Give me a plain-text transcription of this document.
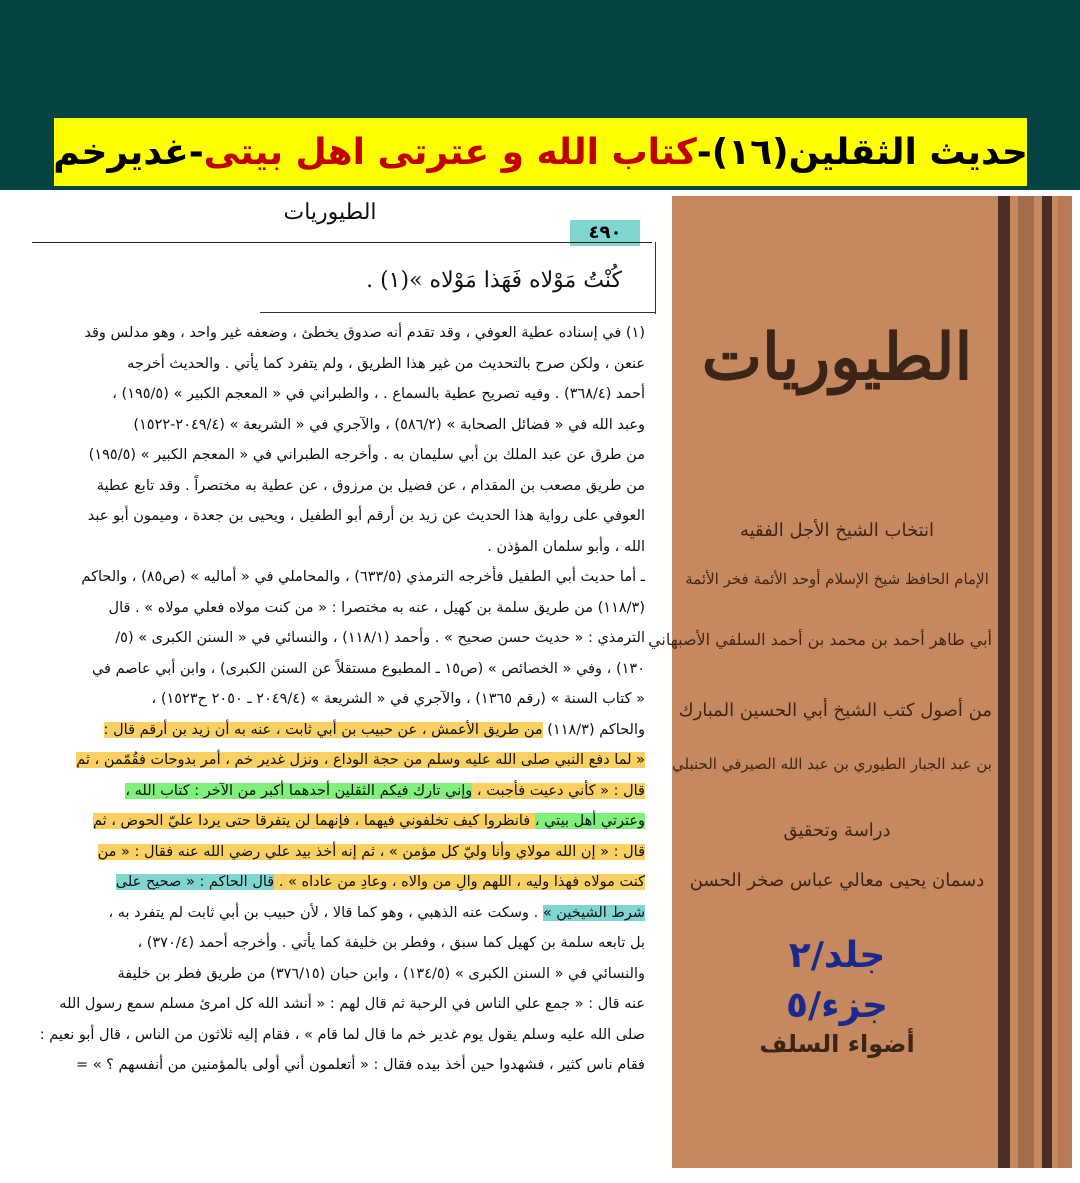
حديث الثقلين(١٦)-
كتاب الله و عترتی اهل بیتی
-غدیرخم
الطيوريات
٤٩٠
كُنْتُ مَوْلاه فَهَذا مَوْلاه »(١) .
(١) في إسناده عطية العوفي ، وقد تقدم أنه صدوق يخطئ ، وضعفه غير واحد ، وهو مدلس وقد
عنعن ، ولكن صرح بالتحديث من غير هذا الطريق ، ولم يتفرد كما يأتي . والحديث أخرجه
أحمد (٣٦٨/٤) . وفيه تصريح عطية بالسماع . ، والطبراني في « المعجم الكبير » (١٩٥/٥) ،
وعبد الله في « فضائل الصحابة » (٥٨٦/٢) ، والآجري في « الشريعة » (٢٠٤٩/٤-١٥٢٢)
من طرق عن عبد الملك بن أبي سليمان به . وأخرجه الطبراني في « المعجم الكبير » (١٩٥/٥)
من طريق مصعب بن المقدام ، عن فضيل بن مرزوق ، عن عطية به مختصراً . وقد تابع عطية
العوفي على رواية هذا الحديث عن زيد بن أرقم أبو الطفيل ، ويحيى بن جعدة ، وميمون أبو عبد
الله ، وأبو سلمان المؤذن .
ـ أما حديث أبي الطفيل فأخرجه الترمذي (٦٣٣/٥) ، والمحاملي في « أماليه » (ص٨٥) ، والحاكم
(١١٨/٣) من طريق سلمة بن كهيل ، عنه به مختصرا : « من كنت مولاه فعلي مولاه » . قال
الترمذي : « حديث حسن صحيح » . وأحمد (١١٨/١) ، والنسائي في « السنن الكبرى » (٥/
١٣٠) ، وفي « الخصائص » (ص١٥ ـ المطبوع مستقلاً عن السنن الكبرى) ، وابن أبي عاصم في
« كتاب السنة » (رقم ١٣٦٥) ، والآجري في « الشريعة » (٢٠٤٩/٤ ـ ٢٠٥٠ ح١٥٢٣) ،
والحاكم (١١٨/٣) من طريق الأعمش ، عن حبيب بن أبي ثابت ، عنه به أن زيد بن أرقم قال :
« لما دفع النبي صلى الله عليه وسلم من حجة الوداع ، ونزل غدير خم ، أمر بدوحات فقُمّمن ، ثم
قال : « كأني دعيت فأجبت ، وإني تارك فيكم الثقلين أحدهما أكبر من الآخر : كتاب الله ،
وعترتي أهل بيتي ، فانظروا كيف تخلفوني فيهما ، فإنهما لن يتفرقا حتى يردا عليّ الحوض ، ثم
قال : « إن الله مولاي وأنا وليّ كل مؤمن » ، ثم إنه أخذ بيد علي رضي الله عنه فقال : « من
كنت مولاه فهذا وليه ، اللهم والِ من والاه ، وعادِ من عاداه » . قال الحاكم : « صحيح على
شرط الشيخين » . وسكت عنه الذهبي ، وهو كما قالا ، لأن حبيب بن أبي ثابت لم يتفرد به ،
بل تابعه سلمة بن كهيل كما سبق ، وفطر بن خليفة كما يأتي . وأخرجه أحمد (٣٧٠/٤) ،
والنسائي في « السنن الكبرى » (١٣٤/٥) ، وابن حبان (٣٧٦/١٥) من طريق فطر بن خليفة
عنه قال : « جمع علي الناس في الرحبة ثم قال لهم : « أنشد الله كل امرئ مسلم سمع رسول الله
صلى الله عليه وسلم يقول يوم غدير خم ما قال لما قام » ، فقام إليه ثلاثون من الناس ، قال أبو نعيم :
فقام ناس كثير ، فشهدوا حين أخذ بيده فقال : « أتعلمون أني أولى بالمؤمنين من أنفسهم ؟ » =
الطيوريات
انتخاب الشيخ الأجل الفقيه
الإمام الحافظ شيخ الإسلام أوحد الأئمة فخر الأئمة
أبي طاهر أحمد بن محمد بن أحمد السلفي الأصبهاني
من أصول كتب الشيخ أبي الحسين المبارك
بن عبد الجبار الطيوري بن عبد الله الصيرفي الحنبلي
دراسة وتحقيق
دسمان يحيى معالي عباس صخر الحسن
جلد/٢
جزء/٥
أضواء السلف
